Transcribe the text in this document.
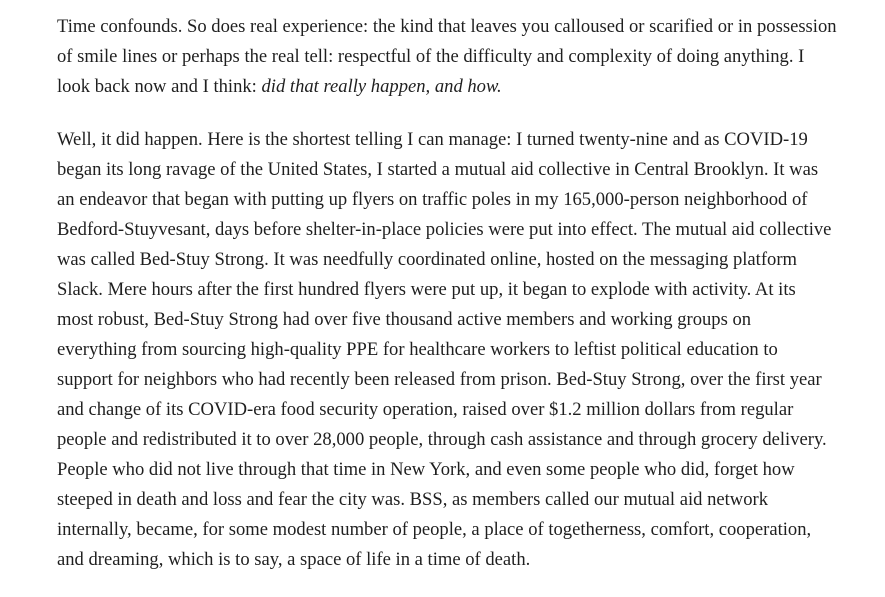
Time confounds. So does real experience: the kind that leaves you calloused or scarified or in possession
of smile lines or perhaps the real tell: respectful of the difficulty and complexity of doing anything. I
look back now and I think: did that really happen, and how.

Well, it did happen. Here is the shortest telling I can manage: I turned twenty-nine and as COVID-19
began its long ravage of the United States, I started a mutual aid collective in Central Brooklyn. It was
an endeavor that began with putting up flyers on traffic poles in my 165,000-person neighborhood of
Bedford-Stuyvesant, days before shelter-in-place policies were put into effect. The mutual aid collective
was called Bed-Stuy Strong. It was needfully coordinated online, hosted on the messaging platform
Slack. Mere hours after the first hundred flyers were put up, it began to explode with activity. At its
most robust, Bed-Stuy Strong had over five thousand active members and working groups on
everything from sourcing high-quality PPE for healthcare workers to leftist political education to
support for neighbors who had recently been released from prison. Bed-Stuy Strong, over the first year
and change of its COVID-era food security operation, raised over $1.2 million dollars from regular
people and redistributed it to over 28,000 people, through cash assistance and through grocery delivery.
People who did not live through that time in New York, and even some people who did, forget how
steeped in death and loss and fear the city was. BSS, as members called our mutual aid network
internally, became, for some modest number of people, a place of togetherness, comfort, cooperation,
and dreaming, which is to say, a space of life in a time of death.
